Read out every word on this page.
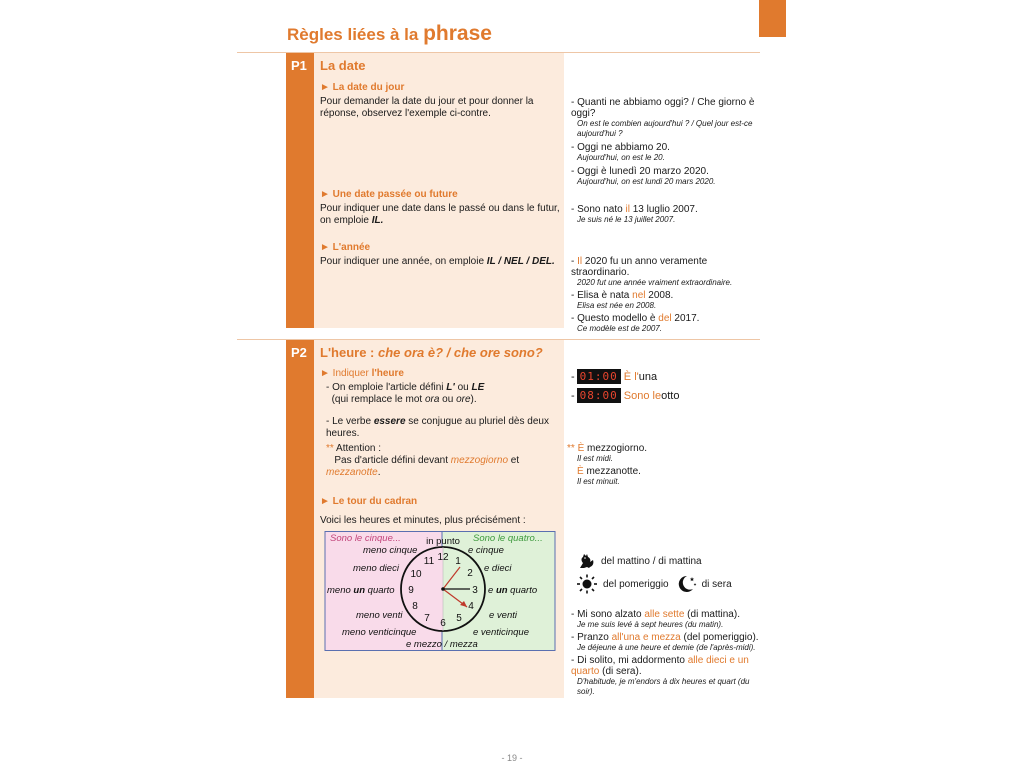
Règles liées à la phrase
P1 La date
► La date du jour
Pour demander la date du jour et pour donner la réponse, observez l'exemple ci-contre.
► Une date passée ou future
Pour indiquer une date dans le passé ou dans le futur, on emploie IL.
► L'année
Pour indiquer une année, on emploie IL / NEL / DEL.
- Quanti ne abbiamo oggi? / Che giorno è oggi?
On est le combien aujourd'hui ? / Quel jour est-ce aujourd'hui ?
- Oggi ne abbiamo 20.
Aujourd'hui, on est le 20.
- Oggi è lunedì 20 marzo 2020.
Aujourd'hui, on est lundi 20 mars 2020.
- Sono nato il 13 luglio 2007.
Je suis né le 13 juillet 2007.
- Il 2020 fu un anno veramente straordinario.
2020 fut une année vraiment extraordinaire.
- Elisa è nata nel 2008.
Elisa est née en 2008.
- Questo modello è del 2017.
Ce modèle est de 2007.
P2 L'heure : che ora è? / che ore sono?
► Indiquer l'heure
- On emploie l'article défini L' ou LE
(qui remplace le mot ora ou ore).
- Le verbe essere se conjugue au pluriel dès deux heures.
** Attention :
Pas d'article défini devant mezzogiorno et mezzanotte.
► Le tour du cadran
Voici les heures et minutes, plus précisément :
Sono le cinque...	Sono le quatro...
12 1
2
3
4
5
6
7
8
9
10
11
in punto
meno cinque
meno dieci
meno un quarto
meno venti
meno venticinque
e cinque
e dieci
e un quarto
e venti
e venticinque
e mezzo / mezza
- 01:00 È l' una
- 08:00 Sono le otto
** È mezzogiorno.
Il est midi.
È mezzanotte.
Il est minuit.
del mattino / di mattina
del pomeriggio	di sera
- Mi sono alzato alle sette (di mattina).
Je me suis levé à sept heures (du matin).
- Pranzo all'una e mezza (del pomeriggio).
Je déjeune à une heure et demie (de l'après-midi).
- Di solito, mi addormento alle dieci e un quarto (di sera).
D'habitude, je m'endors à dix heures et quart (du soir).
- 19 -
